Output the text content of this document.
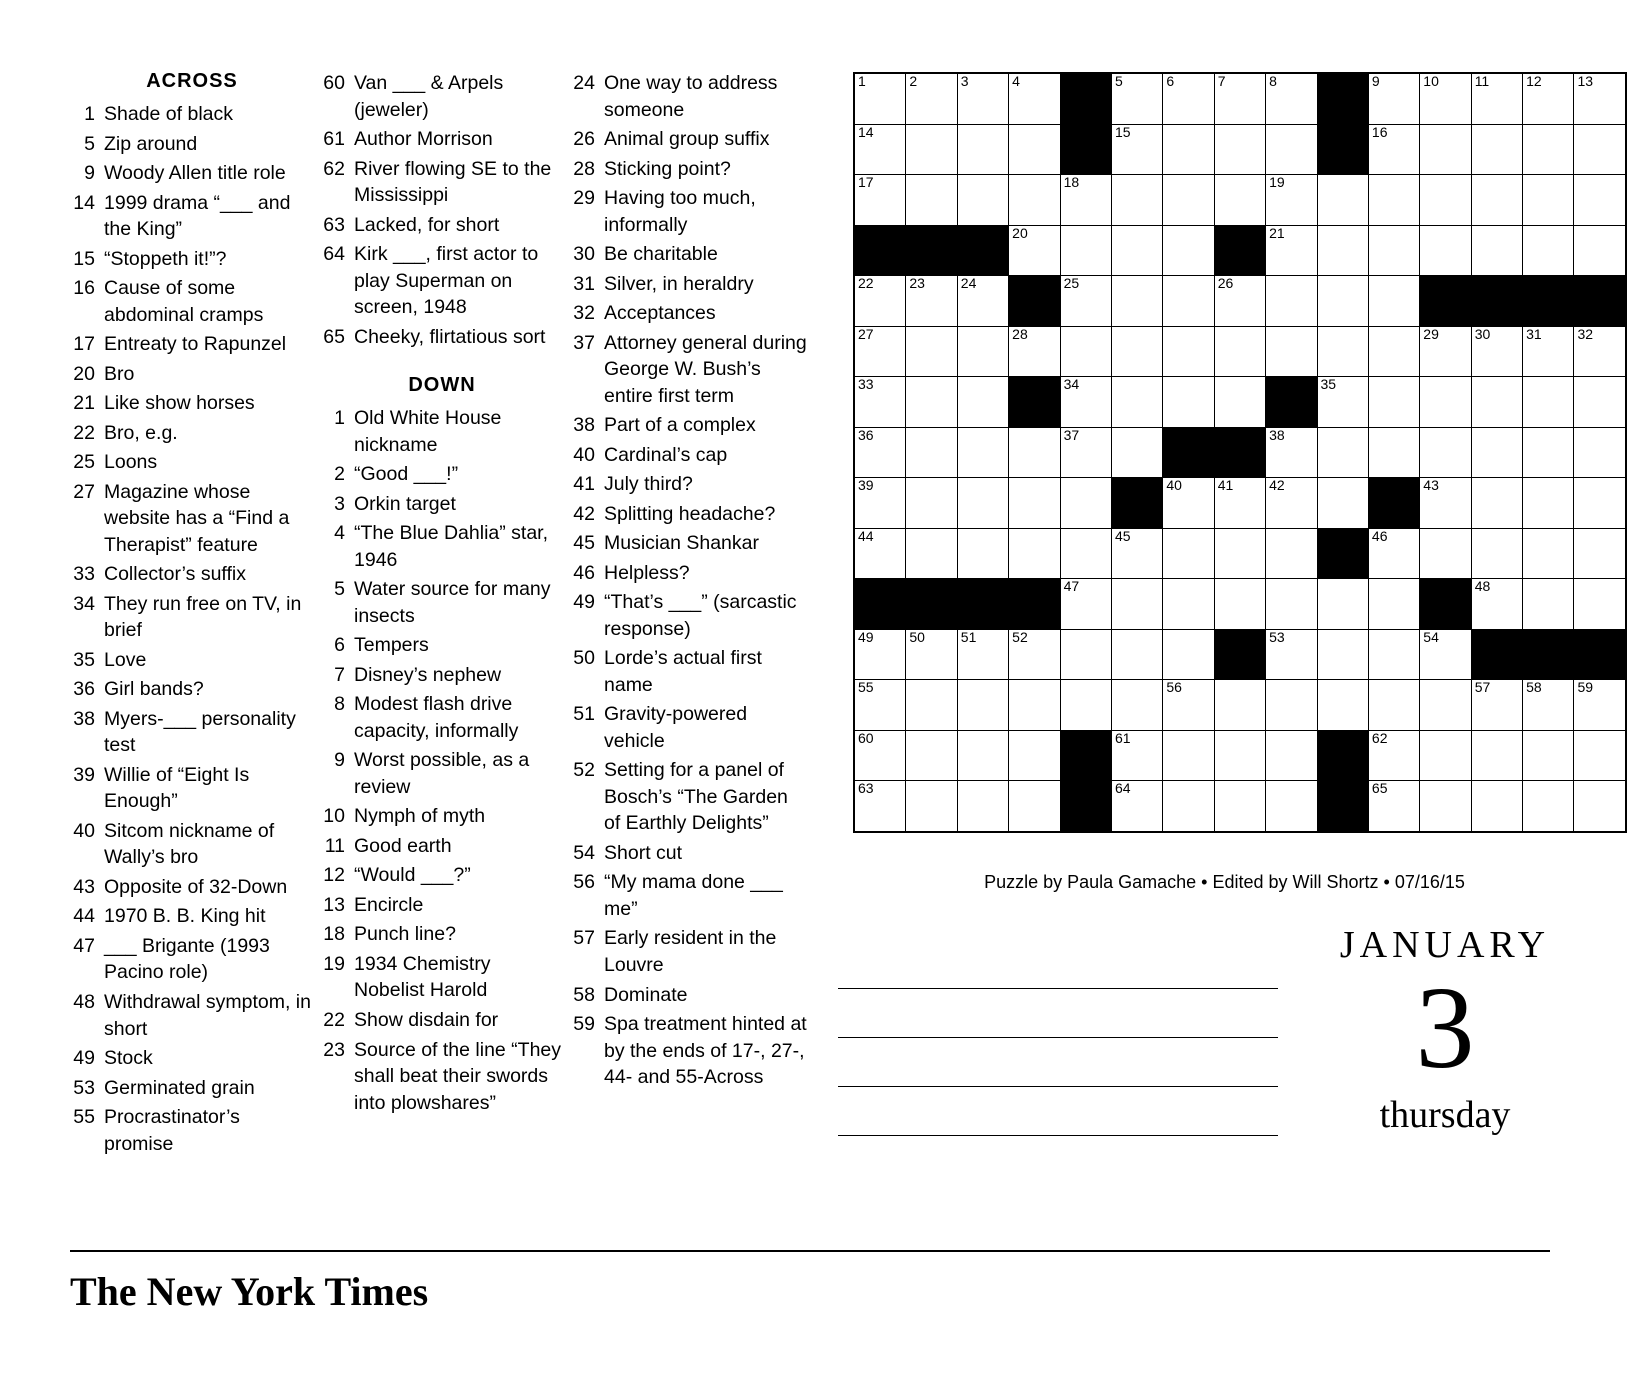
ACROSS
1 Shade of black
5 Zip around
9 Woody Allen title role
14 1999 drama “___ and the King”
15 “Stoppeth it!”?
16 Cause of some abdominal cramps
17 Entreaty to Rapunzel
20 Bro
21 Like show horses
22 Bro, e.g.
25 Loons
27 Magazine whose website has a “Find a Therapist” feature
33 Collector’s suffix
34 They run free on TV, in brief
35 Love
36 Girl bands?
38 Myers-___ personality test
39 Willie of “Eight Is Enough”
40 Sitcom nickname of Wally’s bro
43 Opposite of 32-Down
44 1970 B. B. King hit
47 ___ Brigante (1993 Pacino role)
48 Withdrawal symptom, in short
49 Stock
53 Germinated grain
55 Procrastinator’s promise
60 Van ___ & Arpels (jeweler)
61 Author Morrison
62 River flowing SE to the Mississippi
63 Lacked, for short
64 Kirk ___, first actor to play Superman on screen, 1948
65 Cheeky, flirtatious sort
DOWN
1 Old White House nickname
2 “Good ___!”
3 Orkin target
4 “The Blue Dahlia” star, 1946
5 Water source for many insects
6 Tempers
7 Disney’s nephew
8 Modest flash drive capacity, informally
9 Worst possible, as a review
10 Nymph of myth
11 Good earth
12 “Would ___?”
13 Encircle
18 Punch line?
19 1934 Chemistry Nobelist Harold
22 Show disdain for
23 Source of the line “They shall beat their swords into plowshares”
24 One way to address someone
26 Animal group suffix
28 Sticking point?
29 Having too much, informally
30 Be charitable
31 Silver, in heraldry
32 Acceptances
37 Attorney general during George W. Bush’s entire first term
38 Part of a complex
40 Cardinal’s cap
41 July third?
42 Splitting headache?
45 Musician Shankar
46 Helpless?
49 “That’s ___” (sarcastic response)
50 Lorde’s actual first name
51 Gravity-powered vehicle
52 Setting for a panel of Bosch’s “The Garden of Earthly Delights”
54 Short cut
56 “My mama done ___ me”
57 Early resident in the Louvre
58 Dominate
59 Spa treatment hinted at by the ends of 17-, 27-, 44- and 55-Across
1	2	3	4		5	6	7	8		9	10	11	12	13

14					15					16				

17				18				19						

			20					21						

22	23	24		25			26							

27			28								29	30	31	32

33				34					35					

36				37				38						

39						40	41	42			43			

44					45					46				

				47								48		

49	50	51	52					53			54			

55						56						57	58	59

60					61					62				

63					64					65				

Puzzle by Paula Gamache • Edited by Will Shortz • 07/16/15
JANUARY
3
thursday
The New York Times
